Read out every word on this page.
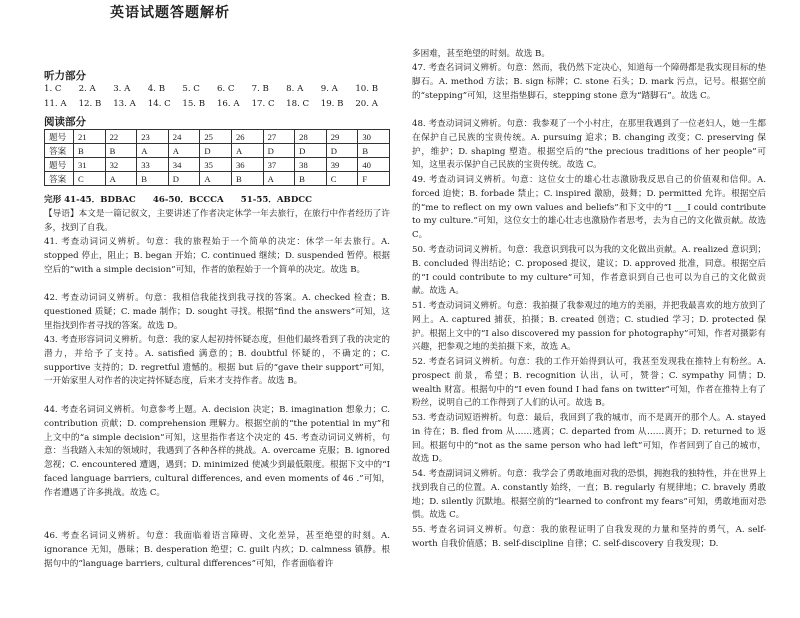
英语试题答题解析
听力部分
1. C	2. A	3. A	4. B	5. C	6. C	7. B	8. A	9. A	10. B
11. A	12. B	13. A	14. C	15. B	16. A	17. C	18. C	19. B	20. A
阅读部分
题号	21	22	23	24	25	26	27	28	29	30
答案	B	B	A	A	D	A	D	D	D	B
题号	31	32	33	34	35	36	37	38	39	40
答案	C	A	B	D	A	B	A	B	C	F
完形 41-45．BDBAC　　46-50．BCCCA　　51-55．ABDCC
【导语】本文是一篇记叙文，主要讲述了作者决定休学一年去旅行，在旅行中作者经历了许多，找到了自我。
41. 考查动词词义辨析。句意：我的旅程始于一个简单的决定：休学一年去旅行。A. stopped 停止，阻止；B. began 开始；C. continued 继续；D. suspended 暂停。根据空后的“with a simple decision”可知，作者的旅程始于一个简单的决定。故选 B。
42. 考查动词词义辨析。句意：我相信我能找到我寻找的答案。A. checked 检查；B. questioned 质疑；C. made 制作；D. sought 寻找。根据“find the answers”可知，这里指找到作者寻找的答案。故选 D。
43. 考查形容词词义辨析。句意：我的家人起初持怀疑态度，但他们最终看到了我的决定的潜力，并给予了支持。A. satisfied 满意的；B. doubtful 怀疑的，不确定的；C. supportive 支持的；D. regretful 遗憾的。根据 but 后的“gave their support”可知，一开始家里人对作者的决定持怀疑态度，后来才支持作者。故选 B。
44. 考查名词词义辨析。句意参考上题。A. decision 决定；B. imagination 想象力；C. contribution 贡献；D. comprehension 理解力。根据空前的“the potential in my”和上文中的“a simple decision”可知，这里指作者这个决定的 45. 考查动词词义辨析，句意：当我踏入未知的领域时，我遇到了各种各样的挑战。A. overcame 克服；B. ignored 忽视；C. encountered 遭遇，遇到；D. minimized 使减少到最低限度。根据下文中的“I faced language barriers, cultural differences, and even moments of 46 .”可知，作者遭遇了许多挑战。故选 C。
46. 考查名词词义辨析。句意：我面临着语言障碍、文化差异，甚至绝望的时刻。A. ignorance 无知，愚昧；B. desperation 绝望；C. guilt 内疚；D. calmness 镇静。根据句中的“language barriers, cultural differences”可知，作者面临着许
多困难，甚至绝望的时刻。故选 B。
47. 考查名词词义辨析。句意：然而，我仍然下定决心，知道每一个障碍都是我实现目标的垫脚石。A. method 方法；B. sign 标牌；C. stone 石头；D. mark 污点，记号。根据空前的“stepping”可知，这里指垫脚石，stepping stone 意为“踏脚石”。故选 C。
48. 考查动词词义辨析。句意：我参观了一个小村庄，在那里我遇到了一位老妇人，她一生都在保护自己民族的宝贵传统。A. pursuing 追求；B. changing 改变；C. preserving 保护，维护；D. shaping 塑造。根据空后的“the precious traditions of her people”可知，这里表示保护自己民族的宝贵传统。故选 C。
49. 考查动词词义辨析。句意：这位女士的雄心壮志激励我反思自己的价值观和信仰。A. forced 迫使；B. forbade 禁止；C. inspired 激励，鼓舞；D. permitted 允许。根据空后的“me to reflect on my own values and beliefs”和下文中的“I ___I could contribute to my culture.”可知，这位女士的雄心壮志也激励作者思考，去为自己的文化做贡献。故选 C。
50. 考查动词词义辨析。句意：我意识到我可以为我的文化做出贡献。A. realized 意识到；B. concluded 得出结论；C. proposed 提议，建议；D. approved 批准，同意。根据空后的“I could contribute to my culture”可知，作者意识到自己也可以为自己的文化做贡献。故选 A。
51. 考查动词词义辨析。句意：我拍摄了我参观过的地方的美丽，并把我最喜欢的地方放到了网上。A. captured 捕获，拍摄；B. created 创造；C. studied 学习；D. protected 保护。根据上文中的“I also discovered my passion for photography”可知，作者对摄影有兴趣，把参观之地的美拍摄下来，故选 A。
52. 考查名词词义辨析。句意：我的工作开始得到认可，我甚至发现我在推特上有粉丝。A. prospect 前景，希望；B. recognition 认出，认可，赞誉；C. sympathy 同情；D. wealth 财富。根据句中的“I even found I had fans on twitter”可知，作者在推特上有了粉丝，说明自己的工作得到了人们的认可。故选 B。
53. 考查动词短语辨析。句意：最后，我回到了我的城市，而不是离开的那个人。A. stayed in 待在；B. fled from 从……逃离；C. departed from 从……离开；D. returned to 返回。根据句中的“not as the same person who had left”可知，作者回到了自己的城市，故选 D。
54. 考查副词词义辨析。句意：我学会了勇敢地面对我的恐惧，拥抱我的独特性，并在世界上找到我自己的位置。A. constantly 始终，一直；B. regularly 有规律地；C. bravely 勇敢地；D. silently 沉默地。根据空前的“learned to confront my fears”可知，勇敢地面对恐惧。故选 C。
55. 考查名词词义辨析。句意：我的旅程证明了自我发现的力量和坚持的勇气，A. self-worth 自我价值感；B. self-discipline 自律；C. self-discovery 自我发现；D.
